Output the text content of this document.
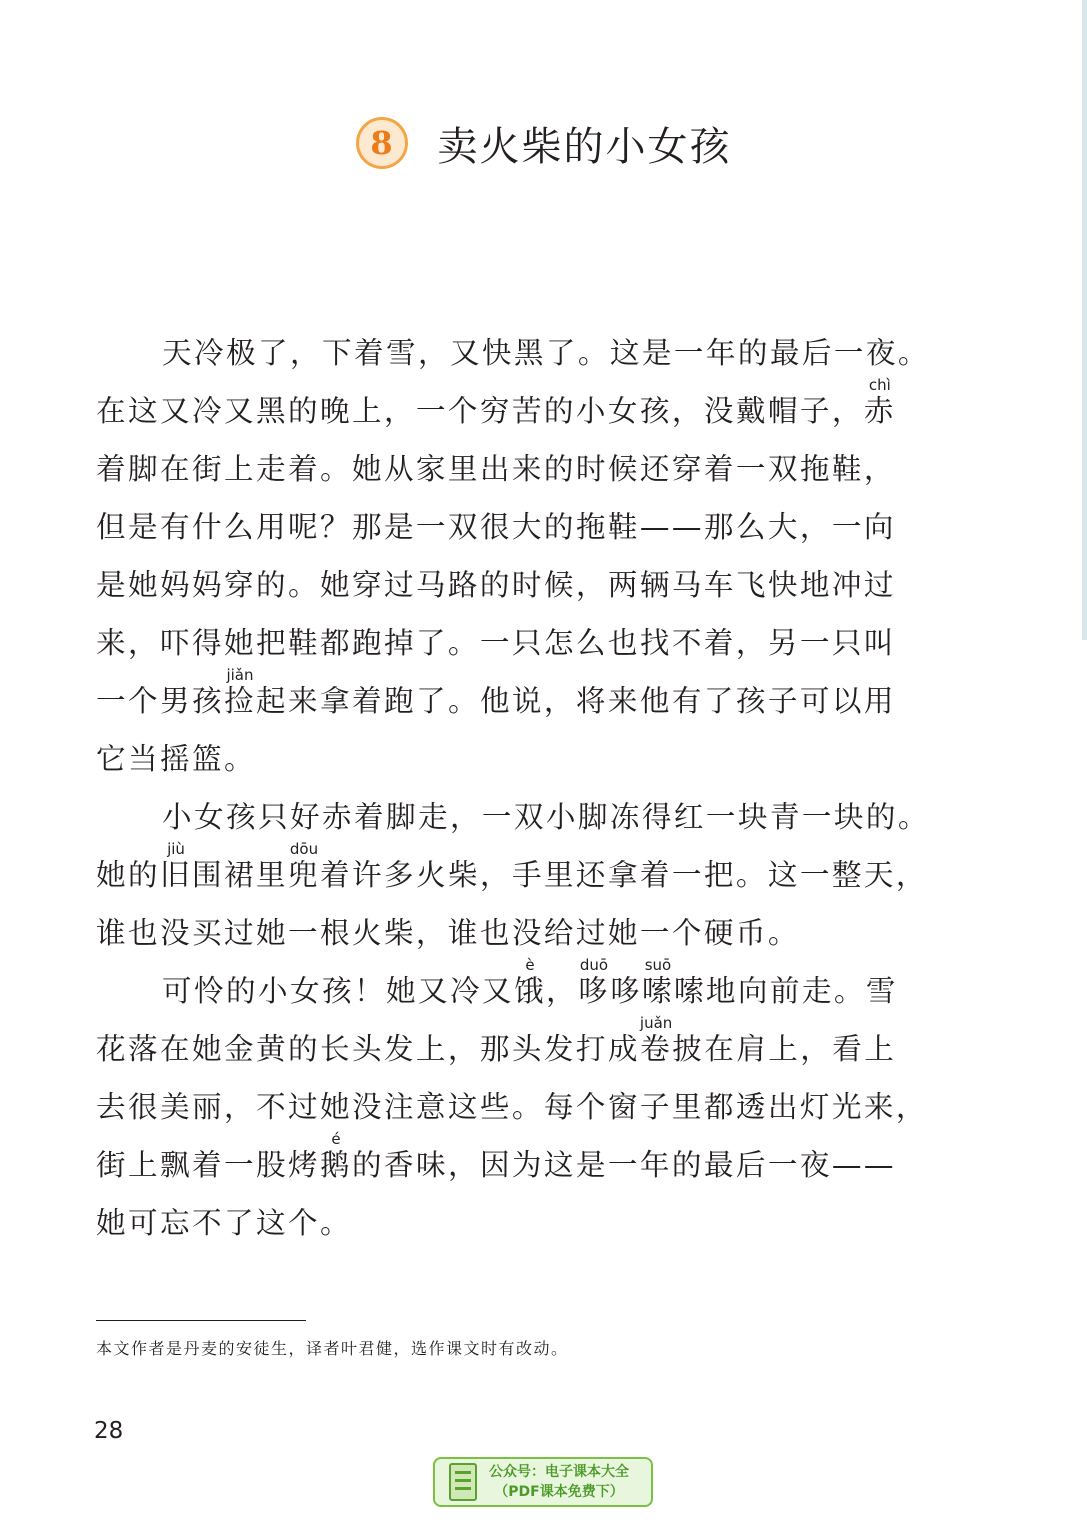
8	卖火柴的小女孩
天冷极了，下着雪，又快黑了。这是一年的最后一夜。
在这又冷又黑的晚上，一个穷苦的小女孩，没戴帽子， 赤chì
着脚在街上走着。她从家里出来的时候还穿着一双拖鞋，
但是有什么用呢？那是一双很大的拖鞋——那么大，一向
是她妈妈穿的。她穿过马路的时候，两辆马车飞快地冲过
来，吓得她把鞋都跑掉了。一只怎么也找不着，另一只叫
一个男孩 捡jiǎn
起来拿着跑了。他说，将来他有了孩子可以用
它当摇篮。
小女孩只好赤着脚走，一双小脚冻得红一块青一块的。
她的 旧jiù
围裙里 兜dōu
着许多火柴，手里还拿着一把。这一整天，
谁也没买过她一根火柴，谁也没给过她一个硬币。
可怜的小女孩！她又冷又 饿è
， 哆duō
哆 嗦suō
嗦地向前走。雪
花落在她金黄的长头发上，那头发打成 卷juǎn
披在肩上，看上
去很美丽，不过她没注意这些。每个窗子里都透出灯光来，
街上飘着一股烤 鹅é
的香味，因为这是一年的最后一夜——
她可忘不了这个。
本文作者是丹麦的安徒生，译者叶君健，选作课文时有改动。
28
公众号：电子课本大全
（PDF课本免费下）
